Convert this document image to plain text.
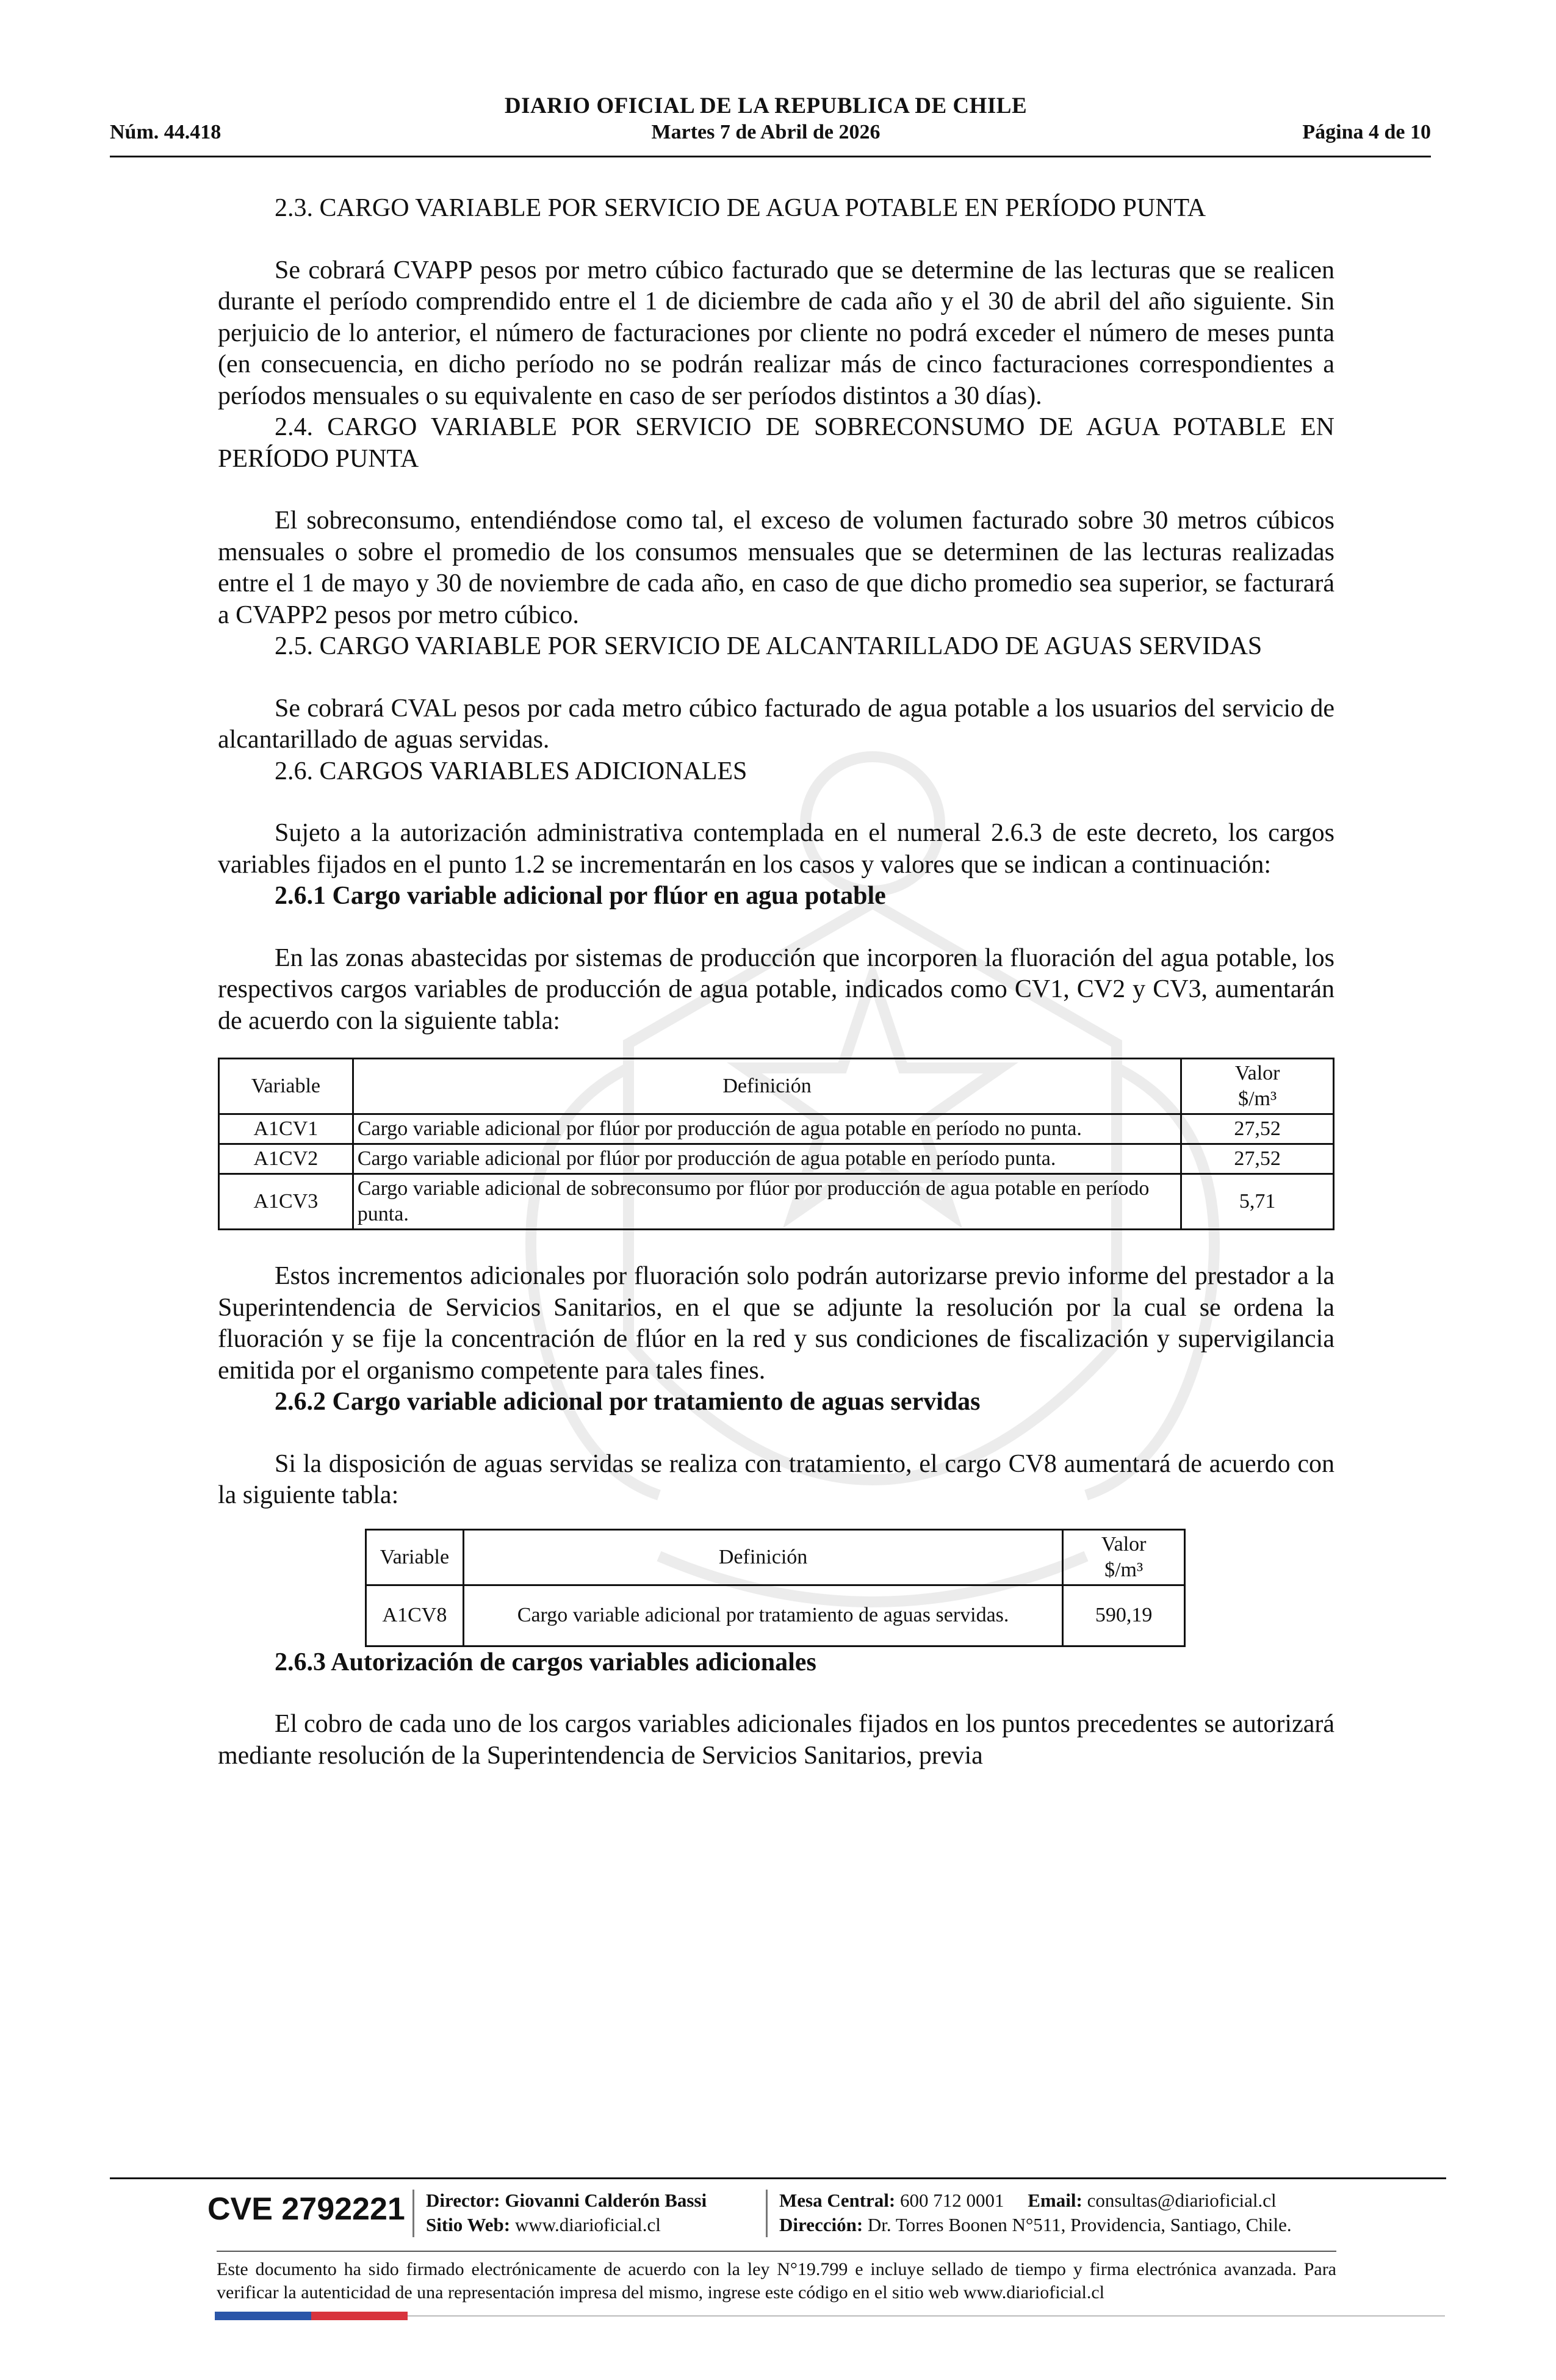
DIARIO OFICIAL DE LA REPUBLICA DE CHILE
Núm. 44.418	Martes 7 de Abril de 2026	Página 4 de 10

2.3. CARGO VARIABLE POR SERVICIO DE AGUA POTABLE EN PERÍODO PUNTA

Se cobrará CVAPP pesos por metro cúbico facturado que se determine de las lecturas que se realicen durante el período comprendido entre el 1 de diciembre de cada año y el 30 de abril del año siguiente. Sin perjuicio de lo anterior, el número de facturaciones por cliente no podrá exceder el número de meses punta (en consecuencia, en dicho período no se podrán realizar más de cinco facturaciones correspondientes a períodos mensuales o su equivalente en caso de ser períodos distintos a 30 días).

2.4. CARGO VARIABLE POR SERVICIO DE SOBRECONSUMO DE AGUA POTABLE EN PERÍODO PUNTA

El sobreconsumo, entendiéndose como tal, el exceso de volumen facturado sobre 30 metros cúbicos mensuales o sobre el promedio de los consumos mensuales que se determinen de las lecturas realizadas entre el 1 de mayo y 30 de noviembre de cada año, en caso de que dicho promedio sea superior, se facturará a CVAPP2 pesos por metro cúbico.

2.5. CARGO VARIABLE POR SERVICIO DE ALCANTARILLADO DE AGUAS SERVIDAS

Se cobrará CVAL pesos por cada metro cúbico facturado de agua potable a los usuarios del servicio de alcantarillado de aguas servidas.

2.6. CARGOS VARIABLES ADICIONALES

Sujeto a la autorización administrativa contemplada en el numeral 2.6.3 de este decreto, los cargos variables fijados en el punto 1.2 se incrementarán en los casos y valores que se indican a continuación:

2.6.1 Cargo variable adicional por flúor en agua potable

En las zonas abastecidas por sistemas de producción que incorporen la fluoración del agua potable, los respectivos cargos variables de producción de agua potable, indicados como CV1, CV2 y CV3, aumentarán de acuerdo con la siguiente tabla:

Variable	Definición	Valor
$/m³

A1CV1	Cargo variable adicional por flúor por producción de agua potable en período no punta.	27,52
A1CV2	Cargo variable adicional por flúor por producción de agua potable en período punta.	27,52
A1CV3	Cargo variable adicional de sobreconsumo por flúor por producción de agua potable en período punta.	5,71

Estos incrementos adicionales por fluoración solo podrán autorizarse previo informe del prestador a la Superintendencia de Servicios Sanitarios, en el que se adjunte la resolución por la cual se ordena la fluoración y se fije la concentración de flúor en la red y sus condiciones de fiscalización y supervigilancia emitida por el organismo competente para tales fines.

2.6.2 Cargo variable adicional por tratamiento de aguas servidas

Si la disposición de aguas servidas se realiza con tratamiento, el cargo CV8 aumentará de acuerdo con la siguiente tabla:

Variable	Definición	Valor
$/m³

A1CV8	Cargo variable adicional por tratamiento de aguas servidas.	590,19

2.6.3 Autorización de cargos variables adicionales

El cobro de cada uno de los cargos variables adicionales fijados en los puntos precedentes se autorizará mediante resolución de la Superintendencia de Servicios Sanitarios, previa

CVE 2792221 Director: Giovanni Calderón Bassi
Sitio Web: www.diarioficial.cl
Mesa Central: 600 712 0001 Email: consultas@diarioficial.cl
Dirección: Dr. Torres Boonen N°511, Providencia, Santiago, Chile.
Este documento ha sido firmado electrónicamente de acuerdo con la ley N°19.799 e incluye sellado de tiempo y firma electrónica avanzada. Para verificar la autenticidad de una representación impresa del mismo, ingrese este código en el sitio web www.diarioficial.cl
